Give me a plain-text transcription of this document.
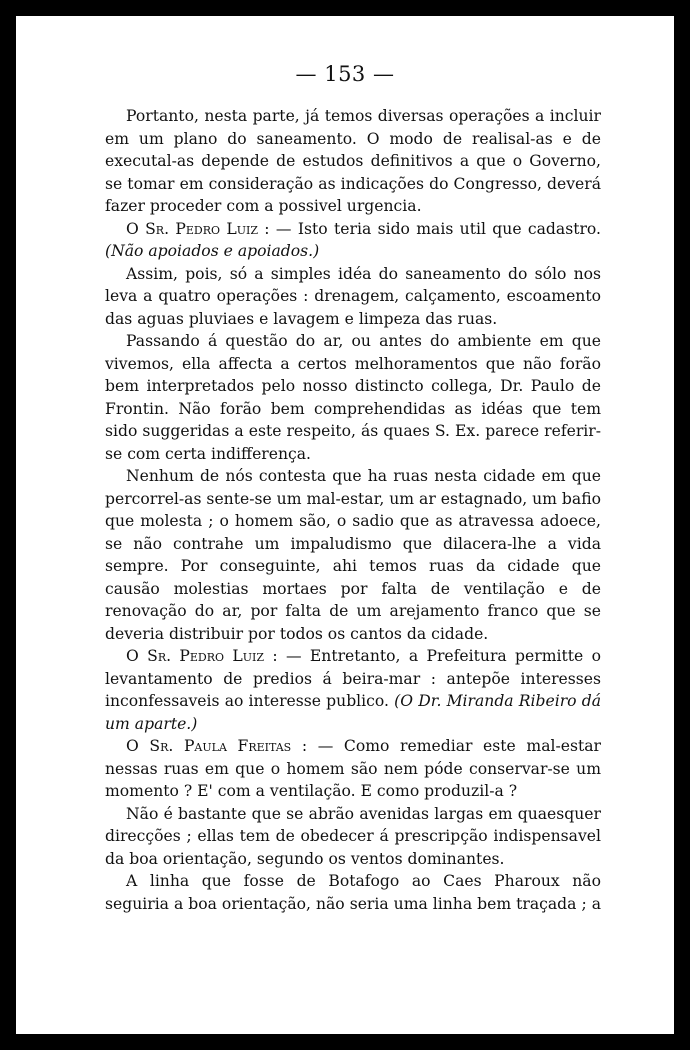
— 153 —

Portanto, nesta parte, já temos diversas operações a incluir em um plano do saneamento. O modo de realisal-as e de executal-as depende de estudos definitivos a que o Governo, se tomar em consideração as indicações do Congresso, deverá fazer proceder com a possivel urgencia.

O Sr. Pedro Luiz : — Isto teria sido mais util que cadastro. (Não apoiados e apoiados.)

Assim, pois, só a simples idéa do saneamento do sólo nos leva a quatro operações : drenagem, calçamento, escoamento das aguas pluviaes e lavagem e limpeza das ruas.

Passando á questão do ar, ou antes do ambiente em que vivemos, ella affecta a certos melhoramentos que não forão bem interpretados pelo nosso distincto collega, Dr. Paulo de Frontin. Não forão bem comprehendidas as idéas que tem sido suggeridas a este respeito, ás quaes S. Ex. parece referir-se com certa indifferença.

Nenhum de nós contesta que ha ruas nesta cidade em que percorrel-as sente-se um mal-estar, um ar estagnado, um bafio que molesta ; o homem são, o sadio que as atravessa adoece, se não contrahe um impaludismo que dilacera-lhe a vida sempre. Por conseguinte, ahi temos ruas da cidade que causão molestias mortaes por falta de ventilação e de renovação do ar, por falta de um arejamento franco que se deveria distribuir por todos os cantos da cidade.

O Sr. Pedro Luiz : — Entretanto, a Prefeitura permitte o levantamento de predios á beira-mar : antepõe interesses inconfessaveis ao interesse publico. (O Dr. Miranda Ribeiro dá um aparte.)

O Sr. Paula Freitas : — Como remediar este mal-estar nessas ruas em que o homem são nem póde conservar-se um momento ? E' com a ventilação. E como produzil-a ?

Não é bastante que se abrão avenidas largas em quaesquer direcções ; ellas tem de obedecer á prescripção indispensavel da boa orientação, segundo os ventos dominantes.

A linha que fosse de Botafogo ao Caes Pharoux não seguiria a boa orientação, não seria uma linha bem traçada ; a
